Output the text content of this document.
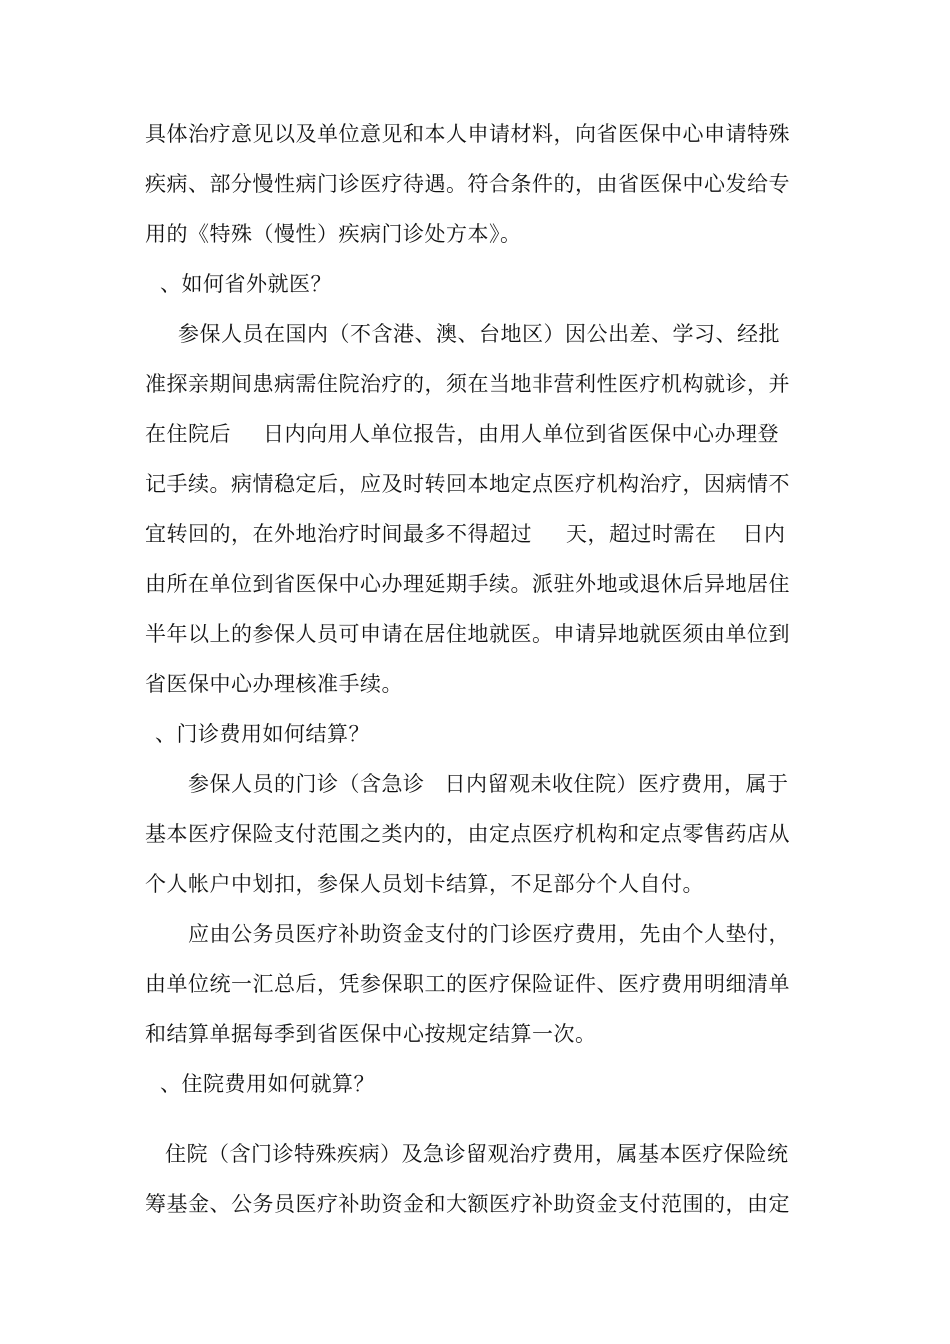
具体治疗意见以及单位意见和本人申请材料，向省医保中心申请特殊
疾病、部分慢性病门诊医疗待遇。符合条件的，由省医保中心发给专
用的《特殊（慢性）疾病门诊处方本》。
、如何省外就医？
参保人员在国内（不含港、澳、台地区）因公出差、学习、经批
准探亲期间患病需住院治疗的，须在当地非营利性医疗机构就诊，并
在住院后 日内向用人单位报告，由用人单位到省医保中心办理登
记手续。病情稳定后，应及时转回本地定点医疗机构治疗，因病情不
宜转回的，在外地治疗时间最多不得超过 天，超过时需在 日内
由所在单位到省医保中心办理延期手续。派驻外地或退休后异地居住
半年以上的参保人员可申请在居住地就医。申请异地就医须由单位到
省医保中心办理核准手续。
、门诊费用如何结算？
参保人员的门诊（含急诊 日内留观未收住院）医疗费用，属于
基本医疗保险支付范围之类内的，由定点医疗机构和定点零售药店从
个人帐户中划扣，参保人员划卡结算，不足部分个人自付。
应由公务员医疗补助资金支付的门诊医疗费用，先由个人垫付，
由单位统一汇总后，凭参保职工的医疗保险证件、医疗费用明细清单
和结算单据每季到省医保中心按规定结算一次。
、住院费用如何就算？
住院（含门诊特殊疾病）及急诊留观治疗费用，属基本医疗保险统
筹基金、公务员医疗补助资金和大额医疗补助资金支付范围的，由定
